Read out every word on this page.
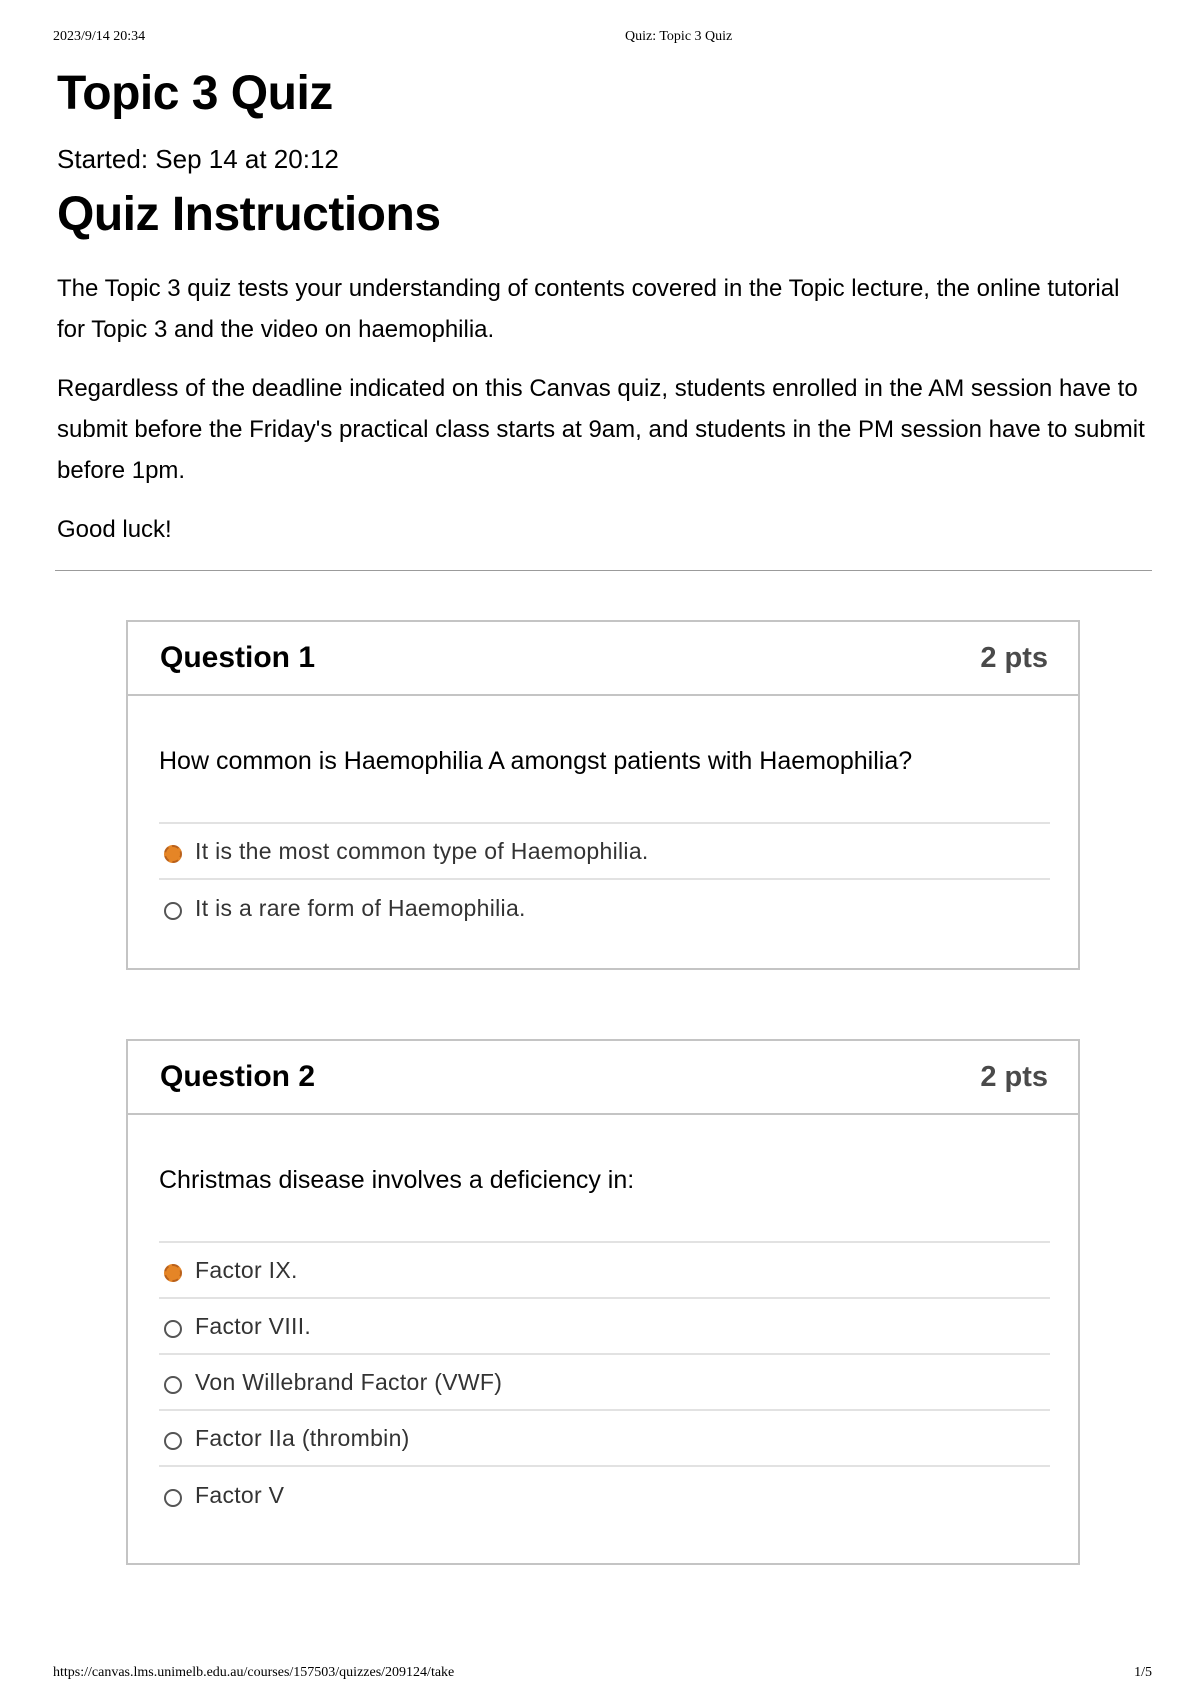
2023/9/14 20:34	Quiz: Topic 3 Quiz
Topic 3 Quiz

Started: Sep 14 at 20:12

Quiz Instructions

The Topic 3 quiz tests your understanding of contents covered in the Topic lecture, the online tutorial for Topic 3 and the video on haemophilia.

Regardless of the deadline indicated on this Canvas quiz, students enrolled in the AM session have to submit before the Friday's practical class starts at 9am, and students in the PM session have to submit before 1pm.

Good luck!

Question 1	2 pts

How common is Haemophilia A amongst patients with Haemophilia?

It is the most common type of Haemophilia.
It is a rare form of Haemophilia.
Question 2	2 pts

Christmas disease involves a deficiency in:

Factor IX.
Factor VIII.
Von Willebrand Factor (VWF)
Factor IIa (thrombin)
Factor V
https://canvas.lms.unimelb.edu.au/courses/157503/quizzes/209124/take	1/5
